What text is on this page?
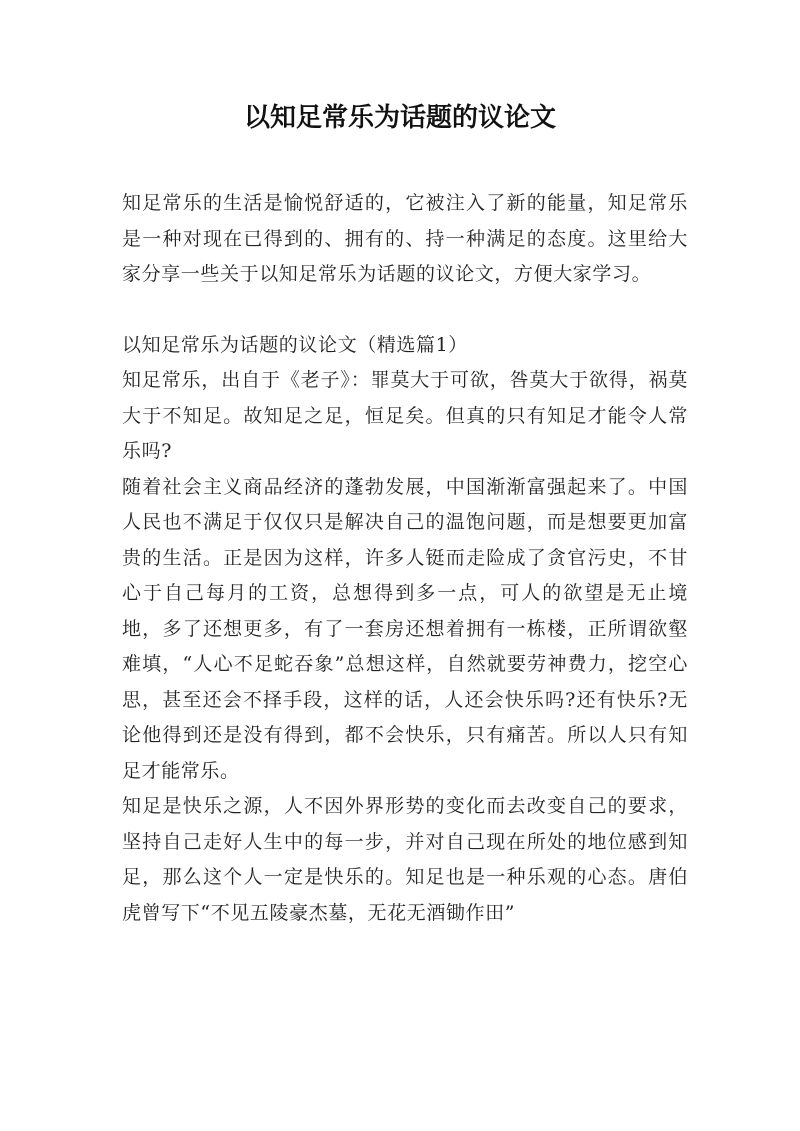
以知足常乐为话题的议论文

知足常乐的生活是愉悦舒适的，它被注入了新的能量，知足常乐是一种对现在已得到的、拥有的、持一种满足的态度。这里给大家分享一些关于以知足常乐为话题的议论文，方便大家学习。

以知足常乐为话题的议论文（精选篇1）

知足常乐，出自于《老子》：罪莫大于可欲，咎莫大于欲得，祸莫大于不知足。故知足之足，恒足矣。但真的只有知足才能令人常乐吗?

随着社会主义商品经济的蓬勃发展，中国渐渐富强起来了。中国人民也不满足于仅仅只是解决自己的温饱问题，而是想要更加富贵的生活。正是因为这样，许多人铤而走险成了贪官污史，不甘心于自己每月的工资，总想得到多一点，可人的欲望是无止境地，多了还想更多，有了一套房还想着拥有一栋楼，正所谓欲壑难填，“人心不足蛇吞象”总想这样，自然就要劳神费力，挖空心思，甚至还会不择手段，这样的话，人还会快乐吗?还有快乐?无论他得到还是没有得到，都不会快乐，只有痛苦。所以人只有知足才能常乐。

知足是快乐之源，人不因外界形势的变化而去改变自己的要求，坚持自己走好人生中的每一步，并对自己现在所处的地位感到知足，那么这个人一定是快乐的。知足也是一种乐观的心态。唐伯虎曾写下“不见五陵豪杰墓，无花无酒锄作田”
